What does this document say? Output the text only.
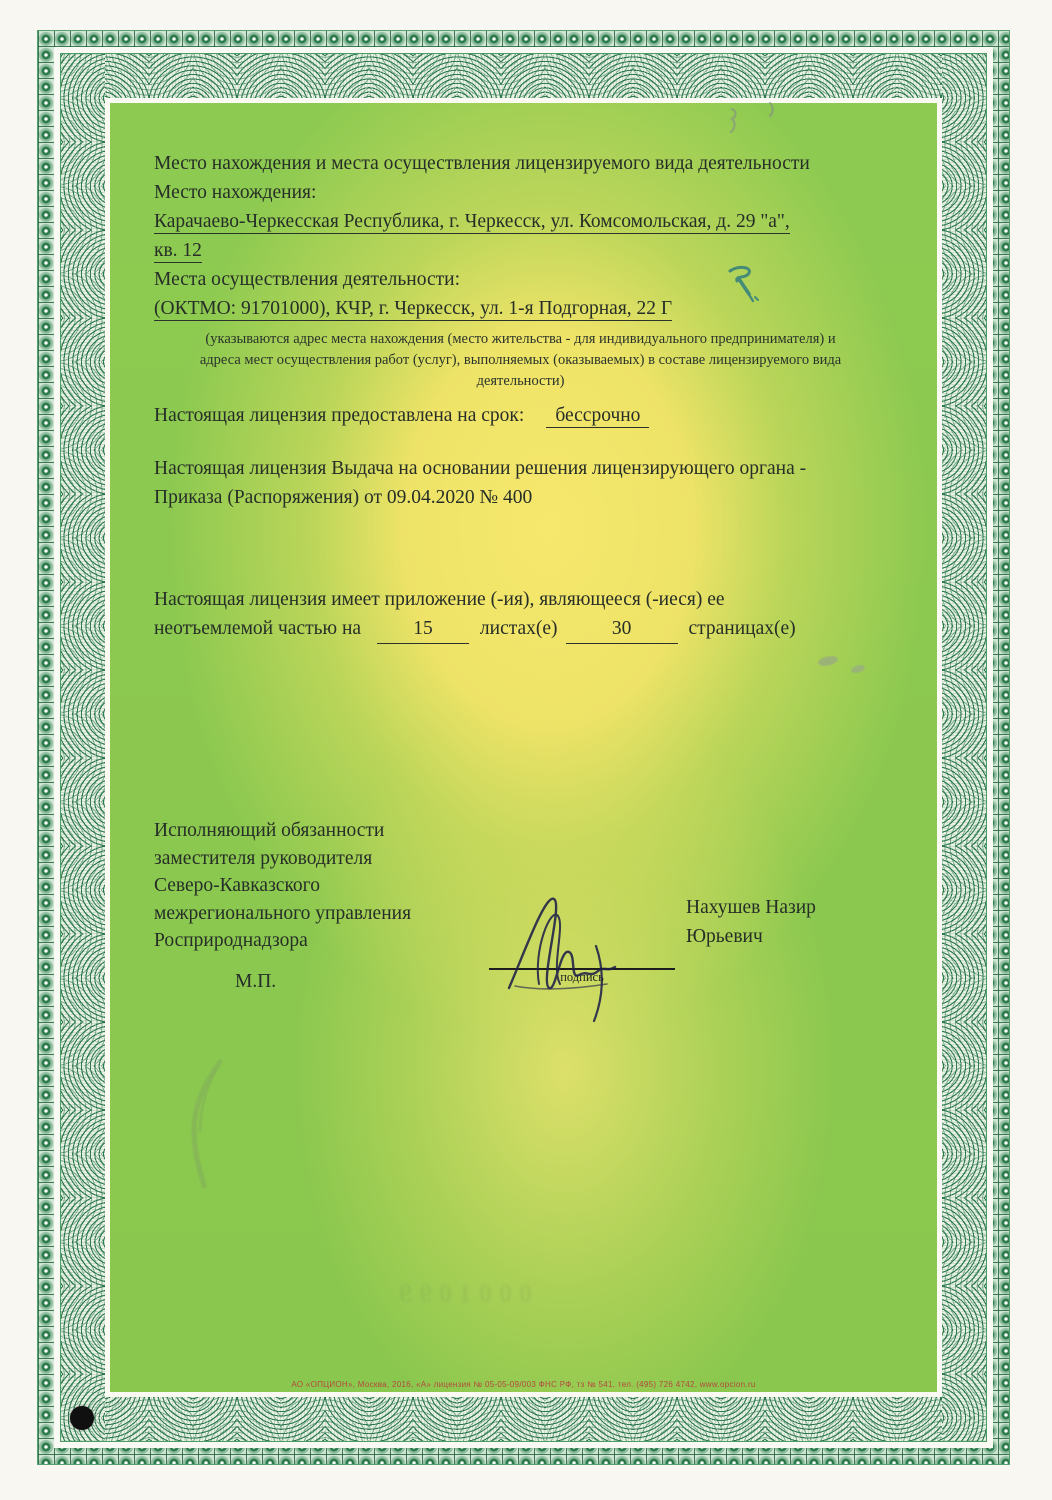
Место нахождения и места осуществления лицензируемого вида деятельности

Место нахождения:

Карачаево-Черкесская Республика, г. Черкесск, ул. Комсомольская, д. 29 "а",

кв. 12

Места осуществления деятельности:

(ОКТМО: 91701000), КЧР, г. Черкесск, ул. 1-я Подгорная, 22 Г

(указываются адрес места нахождения (место жительства - для индивидуального предпринимателя) и
адреса мест осуществления работ (услуг), выполняемых (оказываемых) в составе лицензируемого вида
деятельности)

Настоящая лицензия предоставлена на срок: бессрочно

Настоящая лицензия Выдача на основании решения лицензирующего органа -

Приказа (Распоряжения) от 09.04.2020 № 400

Настоящая лицензия имеет приложение (-ия), являющееся (-иеся) ее

неотъемлемой частью на	15 листах(е)	30	страницах(е)

Исполняющий обязанности
заместителя руководителя
Северо-Кавказского
межрегионального управления
Росприроднадзора
М.П.	подпись
Нахушев Назир
Юрьевич
0001099
АО «ОПЦИОН», Москва, 2016, «А» лицензия № 05-05-09/003 ФНС РФ, тз № 541, тел. (495) 726 4742, www.opcion.ru
